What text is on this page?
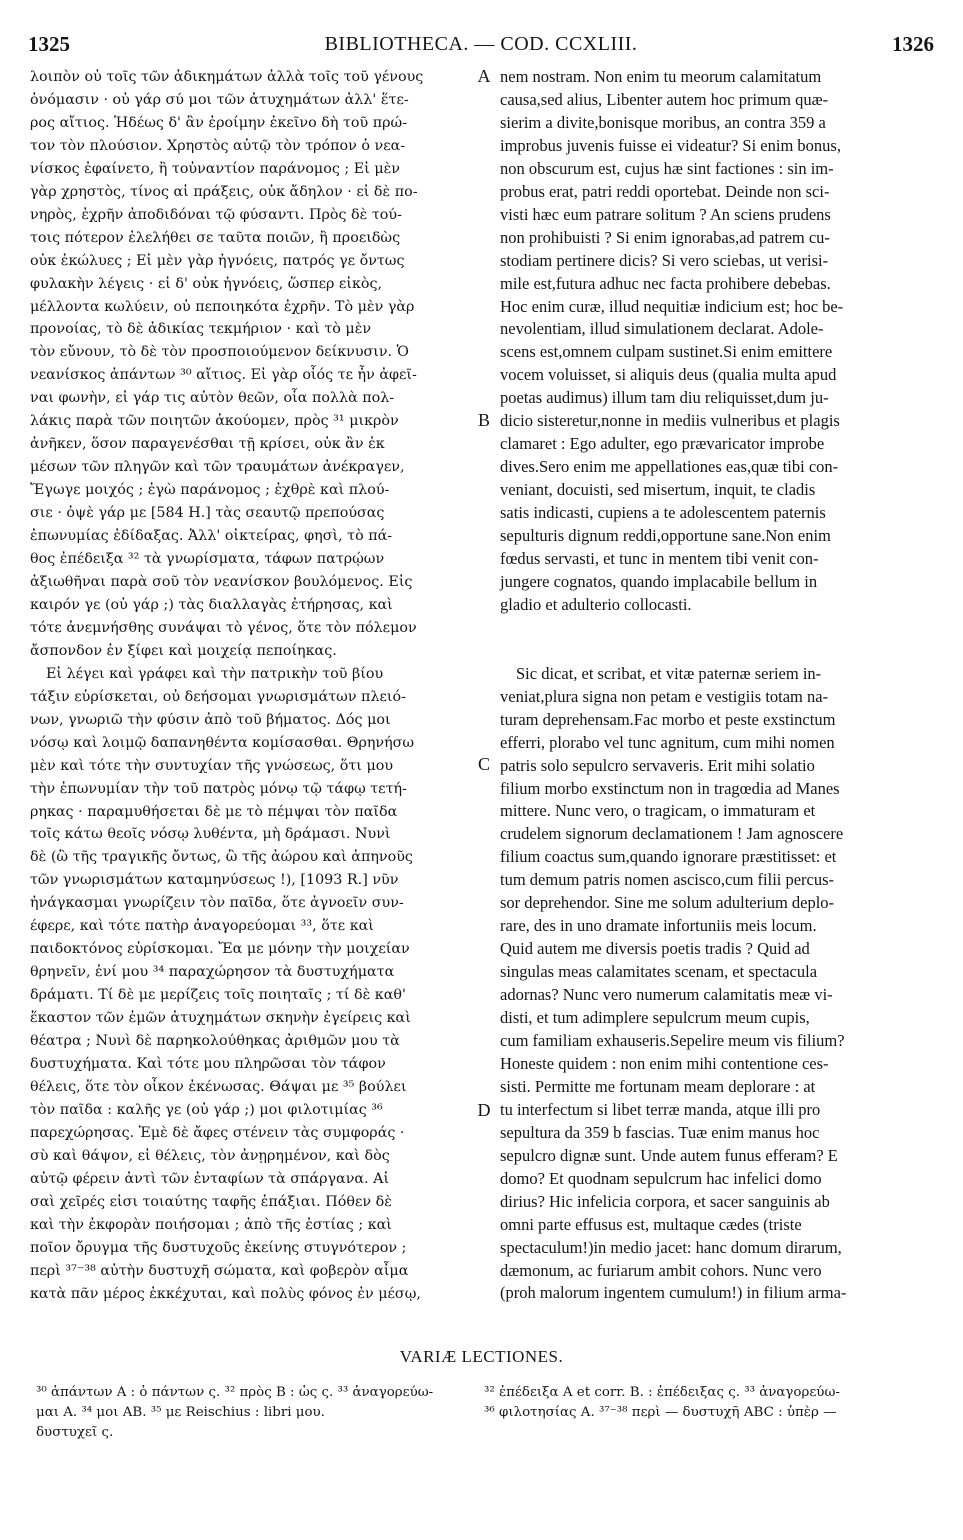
1325	BIBLIOTHECA. — COD. CCXLIII.	1326

λοιπὸν οὐ τοῖς τῶν ἀδικημάτων ἀλλὰ τοῖς τοῦ γένους

ὀνόμασιν · οὐ γάρ σύ μοι τῶν ἀτυχημάτων ἀλλ' ἕτε-

ρος αἴτιος. Ἡδέως δ' ἂν ἐροίμην ἐκεῖνο δὴ τοῦ πρώ-

τον τὸν πλούσιον. Χρηστὸς αὐτῷ τὸν τρόπον ὁ νεα-

νίσκος ἐφαίνετο, ἢ τοὐναντίον παράνομος ; Εἰ μὲν

γὰρ χρηστὸς, τίνος αἱ πράξεις, οὐκ ἄδηλον · εἰ δὲ πο-

νηρὸς, ἐχρῆν ἀποδιδόναι τῷ φύσαντι. Πρὸς δὲ τού-

τοις πότερον ἐλελήθει σε ταῦτα ποιῶν, ἢ προειδὼς

οὐκ ἐκώλυες ; Εἰ μὲν γὰρ ἠγνόεις, πατρός γε ὄντως

φυλακὴν λέγεις · εἰ δ' οὐκ ἠγνόεις, ὥσπερ εἰκὸς,

μέλλοντα κωλύειν, οὐ πεποιηκότα ἐχρῆν. Τὸ μὲν γὰρ

προνοίας, τὸ δὲ ἀδικίας τεκμήριον · καὶ τὸ μὲν

τὸν εὔνουν, τὸ δὲ τὸν προσποιούμενον δείκνυσιν. Ὁ

νεανίσκος ἁπάντων ³⁰ αἴτιος. Εἰ γὰρ οἷός τε ἦν ἀφεῖ-

ναι φωνὴν, εἰ γάρ τις αὐτὸν θεῶν, οἷα πολλὰ πολ-

λάκις παρὰ τῶν ποιητῶν ἀκούομεν, πρὸς ³¹ μικρὸν

ἀνῆκεν, ὅσον παραγενέσθαι τῇ κρίσει, οὐκ ἂν ἐκ

μέσων τῶν πληγῶν καὶ τῶν τραυμάτων ἀνέκραγεν,

Ἔγωγε μοιχός ; ἐγὼ παράνομος ; ἐχθρὲ καὶ πλού-

σιε · ὀψὲ γάρ με [584 Η.] τὰς σεαυτῷ πρεπούσας

ἐπωνυμίας ἐδίδαξας. Ἀλλ' οἰκτείρας, φησὶ, τὸ πά-

θος ἐπέδειξα ³² τὰ γνωρίσματα, τάφων πατρῴων

ἀξιωθῆναι παρὰ σοῦ τὸν νεανίσκον βουλόμενος. Εἰς

καιρόν γε (οὐ γάρ ;) τὰς διαλλαγὰς ἐτήρησας, καὶ

τότε ἀνεμνήσθης συνάψαι τὸ γένος, ὅτε τὸν πόλεμον

ἄσπονδον ἐν ξίφει καὶ μοιχείᾳ πεποίηκας.

Εἰ λέγει καὶ γράφει καὶ τὴν πατρικὴν τοῦ βίου

τάξιν εὑρίσκεται, οὐ δεήσομαι γνωρισμάτων πλειό-

νων, γνωριῶ τὴν φύσιν ἀπὸ τοῦ βήματος. Δός μοι

νόσῳ καὶ λοιμῷ δαπανηθέντα κομίσασθαι. Θρηνήσω

μὲν καὶ τότε τὴν συντυχίαν τῆς γνώσεως, ὅτι μου

τὴν ἐπωνυμίαν τὴν τοῦ πατρὸς μόνῳ τῷ τάφῳ τετή-

ρηκας · παραμυθήσεται δὲ με τὸ πέμψαι τὸν παῖδα

τοῖς κάτω θεοῖς νόσῳ λυθέντα, μὴ δράμασι. Νυνὶ

δὲ (ὢ τῆς τραγικῆς ὄντως, ὢ τῆς ἀώρου καὶ ἀπηνοῦς

τῶν γνωρισμάτων καταμηνύσεως !), [1093 R.] νῦν

ἠνάγκασμαι γνωρίζειν τὸν παῖδα, ὅτε ἀγνοεῖν συν-

έφερε, καὶ τότε πατὴρ ἀναγορεύομαι ³³, ὅτε καὶ

παιδοκτόνος εὑρίσκομαι. Ἔα με μόνην τὴν μοιχείαν

θρηνεῖν, ἐνί μου ³⁴ παραχώρησον τὰ δυστυχήματα

δράματι. Τί δὲ με μερίζεις τοῖς ποιηταῖς ; τί δὲ καθ'

ἕκαστον τῶν ἐμῶν ἀτυχημάτων σκηνὴν ἐγείρεις καὶ

θέατρα ; Νυνὶ δὲ παρηκολούθηκας ἀριθμῶν μου τὰ

δυστυχήματα. Καὶ τότε μου πληρῶσαι τὸν τάφον

θέλεις, ὅτε τὸν οἶκον ἐκένωσας. Θάψαι με ³⁵ βούλει

τὸν παῖδα : καλῆς γε (οὐ γάρ ;) μοι φιλοτιμίας ³⁶

παρεχώρησας. Ἐμὲ δὲ ἄφες στένειν τὰς συμφοράς ·

σὺ καὶ θάψον, εἰ θέλεις, τὸν ἀνῃρημένον, καὶ δὸς

αὐτῷ φέρειν ἀντὶ τῶν ἐνταφίων τὰ σπάργανα. Αἱ

σαὶ χεῖρές εἰσι τοιαύτης ταφῆς ἐπάξιαι. Πόθεν δὲ

καὶ τὴν ἐκφορὰν ποιήσομαι ; ἀπὸ τῆς ἑστίας ; καὶ

ποῖον ὄρυγμα τῆς δυστυχοῦς ἐκείνης στυγνότερον ;

περὶ ³⁷⁻³⁸ αὐτὴν δυστυχῆ σώματα, καὶ φοβερὸν αἷμα

κατὰ πᾶν μέρος ἐκκέχυται, καὶ πολὺς φόνος ἐν μέσῳ,

A
B
C
D

nem nostram. Non enim tu meorum calamitatum

causa,sed alius, Libenter autem hoc primum quæ-

sierim a divite,bonisque moribus, an contra 359 a

improbus juvenis fuisse ei videatur? Si enim bonus,

non obscurum est, cujus hæ sint factiones : sin im-

probus erat, patri reddi oportebat. Deinde non sci-

visti hæc eum patrare solitum ? An sciens prudens

non prohibuisti ? Si enim ignorabas,ad patrem cu-

stodiam pertinere dicis? Si vero sciebas, ut verisi-

mile est,futura adhuc nec facta prohibere debebas.

Hoc enim curæ, illud nequitiæ indicium est; hoc be-

nevolentiam, illud simulationem declarat. Adole-

scens est,omnem culpam sustinet.Si enim emittere

vocem voluisset, si aliquis deus (qualia multa apud

poetas audimus) illum tam diu reliquisset,dum ju-

dicio sisteretur,nonne in mediis vulneribus et plagis

clamaret : Ego adulter, ego prævaricator improbe

dives.Sero enim me appellationes eas,quæ tibi con-

veniant, docuisti, sed misertum, inquit, te cladis

satis indicasti, cupiens a te adolescentem paternis

sepulturis dignum reddi,opportune sane.Non enim

fœdus servasti, et tunc in mentem tibi venit con-

jungere cognatos, quando implacabile bellum in

gladio et adulterio collocasti.

Sic dicat, et scribat, et vitæ paternæ seriem in-

veniat,plura signa non petam e vestigiis totam na-

turam deprehensam.Fac morbo et peste exstinctum

efferri, plorabo vel tunc agnitum, cum mihi nomen

patris solo sepulcro servaveris. Erit mihi solatio

filium morbo exstinctum non in tragœdia ad Manes

mittere. Nunc vero, o tragicam, o immaturam et

crudelem signorum declamationem ! Jam agnoscere

filium coactus sum,quando ignorare præstitisset: et

tum demum patris nomen ascisco,cum filii percus-

sor deprehendor. Sine me solum adulterium deplo-

rare, des in uno dramate infortuniis meis locum.

Quid autem me diversis poetis tradis ? Quid ad

singulas meas calamitates scenam, et spectacula

adornas? Nunc vero numerum calamitatis meæ vi-

disti, et tum adimplere sepulcrum meum cupis,

cum familiam exhauseris.Sepelire meum vis filium?

Honeste quidem : non enim mihi contentione ces-

sisti. Permitte me fortunam meam deplorare : at

tu interfectum si libet terræ manda, atque illi pro

sepultura da 359 b fascias. Tuæ enim manus hoc

sepulcro dignæ sunt. Unde autem funus efferam? E

domo? Et quodnam sepulcrum hac infelici domo

dirius? Hic infelicia corpora, et sacer sanguinis ab

omni parte effusus est, multaque cædes (triste

spectaculum!)in medio jacet: hanc domum dirarum,

dæmonum, ac furiarum ambit cohors. Nunc vero

(proh malorum ingentem cumulum!) in filium arma-

VARIÆ LECTIONES.

³⁰ ἁπάντων A : ὁ πάντων ς. ³² πρὸς B : ὡς ς. ³³ ἀναγορεύω-

μαι A. ³⁴ μοι AB. ³⁵ με Reischius : libri μου.

δυστυχεῖ ς.

³² ἐπέδειξα A et corr. B. : ἐπέδειξας ς. ³³ ἀναγορεύω-

³⁶ φιλοτησίας A. ³⁷⁻³⁸ περὶ — δυστυχῆ ABC : ὑπὲρ —
